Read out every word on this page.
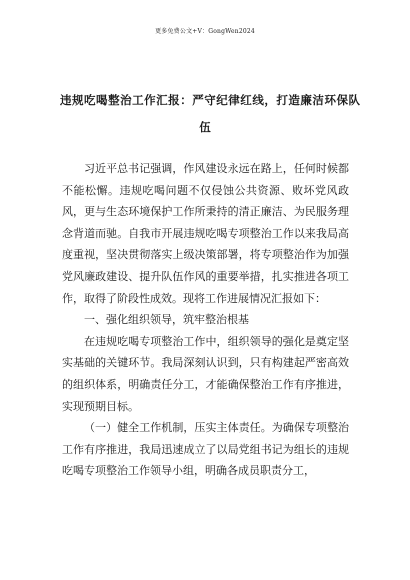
更多免费公文+V：GongWen2024
违规吃喝整治工作汇报：严守纪律红线，打造廉洁环保队
伍

习近平总书记强调，作风建设永远在路上，任何时候都不能松懈。违规吃喝问题不仅侵蚀公共资源、败坏党风政风，更与生态环境保护工作所秉持的清正廉洁、为民服务理念背道而驰。自我市开展违规吃喝专项整治工作以来我局高度重视，坚决贯彻落实上级决策部署，将专项整治作为加强党风廉政建设、提升队伍作风的重要举措，扎实推进各项工作，取得了阶段性成效。现将工作进展情况汇报如下：

一、强化组织领导，筑牢整治根基

在违规吃喝专项整治工作中，组织领导的强化是奠定坚实基础的关键环节。我局深刻认识到，只有构建起严密高效的组织体系，明确责任分工，才能确保整治工作有序推进，实现预期目标。

（一）健全工作机制，压实主体责任。为确保专项整治工作有序推进，我局迅速成立了以局党组书记为组长的违规吃喝专项整治工作领导小组，明确各成员职责分工，
